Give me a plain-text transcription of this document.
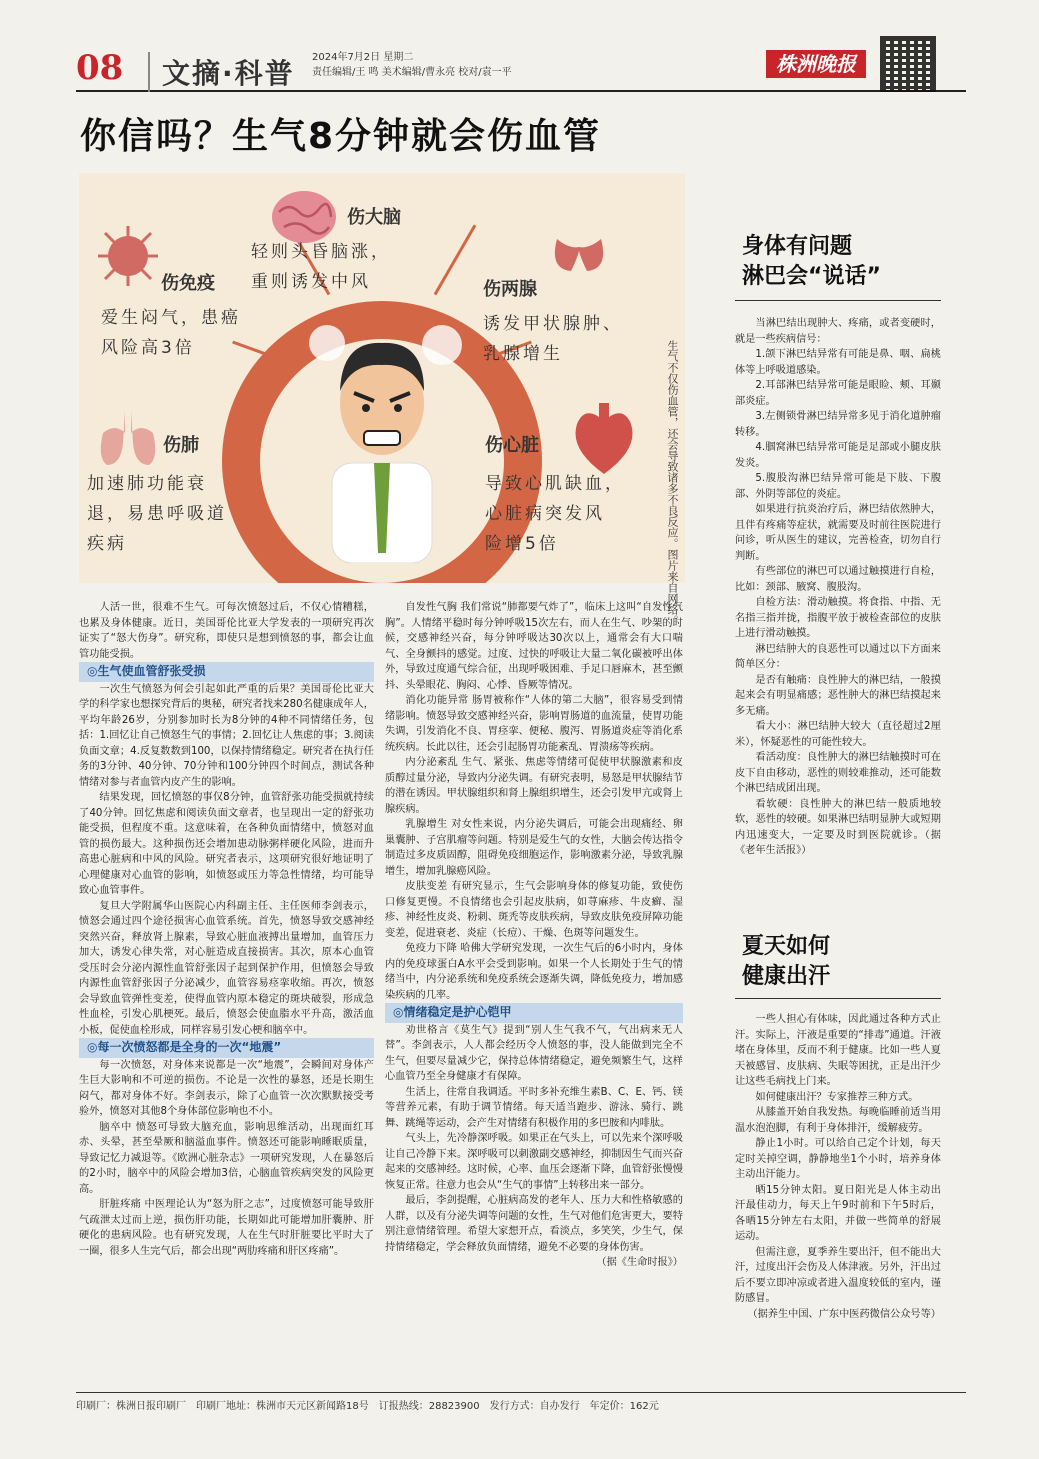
08	文摘·科普 2024年7月2日 星期二
责任编辑/王 鸣 美术编辑/曹永亮 校对/袁一平	株洲晚报
你信吗？生气8分钟就会伤血管
伤大脑
轻则头昏脑涨，
重则诱发中风
伤免疫
爱生闷气，患癌
风险高3倍
伤两腺
诱发甲状腺肿、
乳腺增生
伤肺
加速肺功能衰
退，易患呼吸道
疾病
伤心脏
导致心肌缺血，
心脏病突发风
险增5倍	生气不仅伤血管，还会导致诸多不良反应。图片来自网络。

人活一世，很难不生气。可每次愤怒过后，不仅心情糟糕，也累及身体健康。近日，美国哥伦比亚大学发表的一项研究再次证实了“怒大伤身”。研究称，即使只是想到愤怒的事，都会让血管功能受损。

◎生气使血管舒张受损

一次生气愤怒为何会引起如此严重的后果？美国哥伦比亚大学的科学家也想探究背后的奥秘，研究者找来280名健康成年人，平均年龄26岁，分别参加时长为8分钟的4种不同情绪任务，包括：1.回忆让自己愤怒生气的事情；2.回忆让人焦虑的事；3.阅读负面文章；4.反复数数到100，以保持情绪稳定。研究者在执行任务的3分钟、40分钟、70分钟和100分钟四个时间点，测试各种情绪对参与者血管内皮产生的影响。

结果发现，回忆愤怒的事仅8分钟，血管舒张功能受损就持续了40分钟。回忆焦虑和阅读负面文章者，也呈现出一定的舒张功能受损，但程度不重。这意味着，在各种负面情绪中，愤怒对血管的损伤最大。这种损伤还会增加患动脉粥样硬化风险，进而升高患心脏病和中风的风险。研究者表示，这项研究很好地证明了心理健康对心血管的影响，如愤怒或压力等急性情绪，均可能导致心血管事件。

复旦大学附属华山医院心内科副主任、主任医师李剑表示，愤怒会通过四个途径损害心血管系统。首先，愤怒导致交感神经突然兴奋，释放肾上腺素，导致心脏血液搏出量增加，血管压力加大，诱发心律失常，对心脏造成直接损害。其次，原本心血管受压时会分泌内源性血管舒张因子起到保护作用，但愤怒会导致内源性血管舒张因子分泌减少，血管容易痉挛收缩。再次，愤怒会导致血管弹性变差，使得血管内原本稳定的斑块破裂，形成急性血栓，引发心肌梗死。最后，愤怒会使血脂水平升高，激活血小板，促使血栓形成，同样容易引发心梗和脑卒中。

◎每一次愤怒都是全身的一次“地震”

每一次愤怒，对身体来说都是一次“地震”，会瞬间对身体产生巨大影响和不可逆的损伤。不论是一次性的暴怒，还是长期生闷气，都对身体不好。李剑表示，除了心血管一次次默默接受考验外，愤怒对其他8个身体部位影响也不小。

脑卒中 愤怒可导致大脑充血，影响思维活动，出现面红耳赤、头晕，甚至晕厥和脑溢血事件。愤怒还可能影响睡眠质量，导致记忆力减退等。《欧洲心脏杂志》一项研究发现，人在暴怒后的2小时，脑卒中的风险会增加3倍，心脑血管疾病突发的风险更高。

肝脏疼痛 中医理论认为“怒为肝之志”，过度愤怒可能导致肝气疏泄太过而上逆，损伤肝功能，长期如此可能增加肝囊肿、肝硬化的患病风险。也有研究发现，人在生气时肝脏要比平时大了一圈，很多人生完气后，都会出现“两肋疼痛和肝区疼痛”。

自发性气胸 我们常说“肺都要气炸了”，临床上这叫“自发性气胸”。人情绪平稳时每分钟呼吸15次左右，而人在生气、吵架的时候，交感神经兴奋，每分钟呼吸达30次以上，通常会有大口喘气、全身颤抖的感觉。过度、过快的呼吸让大量二氧化碳被呼出体外，导致过度通气综合征，出现呼吸困难、手足口唇麻木，甚至颤抖、头晕眼花、胸闷、心悸、昏厥等情况。

消化功能异常 肠胃被称作“人体的第二大脑”，很容易受到情绪影响。愤怒导致交感神经兴奋，影响胃肠道的血流量，使胃功能失调，引发消化不良、胃痉挛、便秘、腹泻、胃肠道炎症等消化系统疾病。长此以往，还会引起肠胃功能紊乱、胃溃疡等疾病。

内分泌紊乱 生气、紧张、焦虑等情绪可促使甲状腺激素和皮质醇过量分泌，导致内分泌失调。有研究表明，易怒是甲状腺结节的潜在诱因。甲状腺组织和肾上腺组织增生，还会引发甲亢或肾上腺疾病。

乳腺增生 对女性来说，内分泌失调后，可能会出现痛经、卵巢囊肿、子宫肌瘤等问题。特别是爱生气的女性，大脑会传达指令制造过多皮质固醇，阻碍免疫细胞运作，影响激素分泌，导致乳腺增生，增加乳腺癌风险。

皮肤变差 有研究显示，生气会影响身体的修复功能，致使伤口修复更慢。不良情绪也会引起皮肤病，如荨麻疹、牛皮癣、湿疹、神经性皮炎、粉刺、斑秃等皮肤疾病，导致皮肤免疫屏障功能变差，促进衰老、炎症（长痘）、干燥、色斑等问题发生。

免疫力下降 哈佛大学研究发现，一次生气后的6小时内，身体内的免疫球蛋白A水平会受到影响。如果一个人长期处于生气的情绪当中，内分泌系统和免疫系统会逐渐失调，降低免疫力，增加感染疾病的几率。

◎情绪稳定是护心铠甲

劝世格言《莫生气》提到“别人生气我不气，气出病来无人替”。李剑表示，人人都会经历令人愤怒的事，没人能做到完全不生气，但要尽量减少它，保持总体情绪稳定，避免频繁生气，这样心血管乃至全身健康才有保障。

生活上，往常自我调适。平时多补充维生素B、C、E、钙、镁等营养元素，有助于调节情绪。每天适当跑步、游泳、骑行、跳舞、跳绳等运动，会产生对情绪有积极作用的多巴胺和内啡肽。

气头上，先冷静深呼吸。如果正在气头上，可以先来个深呼吸让自己冷静下来。深呼吸可以刺激副交感神经，抑制因生气而兴奋起来的交感神经。这时候，心率、血压会逐渐下降，血管舒张慢慢恢复正常。往意力也会从“生气的事情”上转移出来一部分。

最后，李剑提醒，心脏病高发的老年人、压力大和性格敏感的人群，以及有分泌失调等问题的女性，生气对他们危害更大，要特别注意情绪管理。希望大家想开点，看淡点，多笑笑，少生气，保持情绪稳定，学会释放负面情绪，避免不必要的身体伤害。

（据《生命时报》）

身体有问题
淋巴会“说话”

当淋巴结出现肿大、疼痛，或者变硬时，就是一些疾病信号：

1.颌下淋巴结异常有可能是鼻、咽、扁桃体等上呼吸道感染。

2.耳部淋巴结异常可能是眼睑、颊、耳颞部炎症。

3.左侧锁骨淋巴结异常多见于消化道肿瘤转移。

4.腘窝淋巴结异常可能是足部或小腿皮肤发炎。

5.腹股沟淋巴结异常可能是下肢、下腹部、外阴等部位的炎症。

如果进行抗炎治疗后，淋巴结依然肿大，且伴有疼痛等症状，就需要及时前往医院进行问诊，听从医生的建议，完善检查，切勿自行判断。

有些部位的淋巴可以通过触摸进行自检，比如：颈部、腋窝、腹股沟。

自检方法：滑动触摸。将食指、中指、无名指三指并拢，指腹平放于被检查部位的皮肤上进行滑动触摸。

淋巴结肿大的良恶性可以通过以下方面来简单区分：

是否有触痛：良性肿大的淋巴结，一般摸起来会有明显痛感；恶性肿大的淋巴结摸起来多无痛。

看大小：淋巴结肿大较大（直径超过2厘米），怀疑恶性的可能性较大。

看活动度：良性肿大的淋巴结触摸时可在皮下自由移动，恶性的则较难推动，还可能数个淋巴结成团出现。

看软硬：良性肿大的淋巴结一般质地较软，恶性的较硬。如果淋巴结明显肿大或短期内迅速变大，一定要及时到医院就诊。（据《老年生活报》）

夏天如何
健康出汗

一些人担心有体味，因此通过各种方式止汗。实际上，汗液是重要的“排毒”通道。汗液堵在身体里，反而不利于健康。比如一些人夏天被感冒、皮肤病、失眠等困扰，正是出汗少让这些毛病找上门来。

如何健康出汗？专家推荐三种方式。

从膝盖开始自我发热。每晚临睡前适当用温水泡泡脚，有利于身体排汗，缓解疲劳。

静止1小时。可以给自己定个计划，每天定时关掉空调，静静地坐1个小时，培养身体主动出汗能力。

晒15分钟太阳。夏日阳光是人体主动出汗最佳动力，每天上午9时前和下午5时后，各晒15分钟左右太阳，并做一些简单的舒展运动。

但需注意，夏季养生要出汗，但不能出大汗，过度出汗会伤及人体津液。另外，汗出过后不要立即冲凉或者进入温度较低的室内，谨防感冒。

（据养生中国、广东中医药微信公众号等）

印刷厂：株洲日报印刷厂　印刷厂地址：株洲市天元区新闻路18号　订报热线：28823900　发行方式：自办发行　年定价：162元
